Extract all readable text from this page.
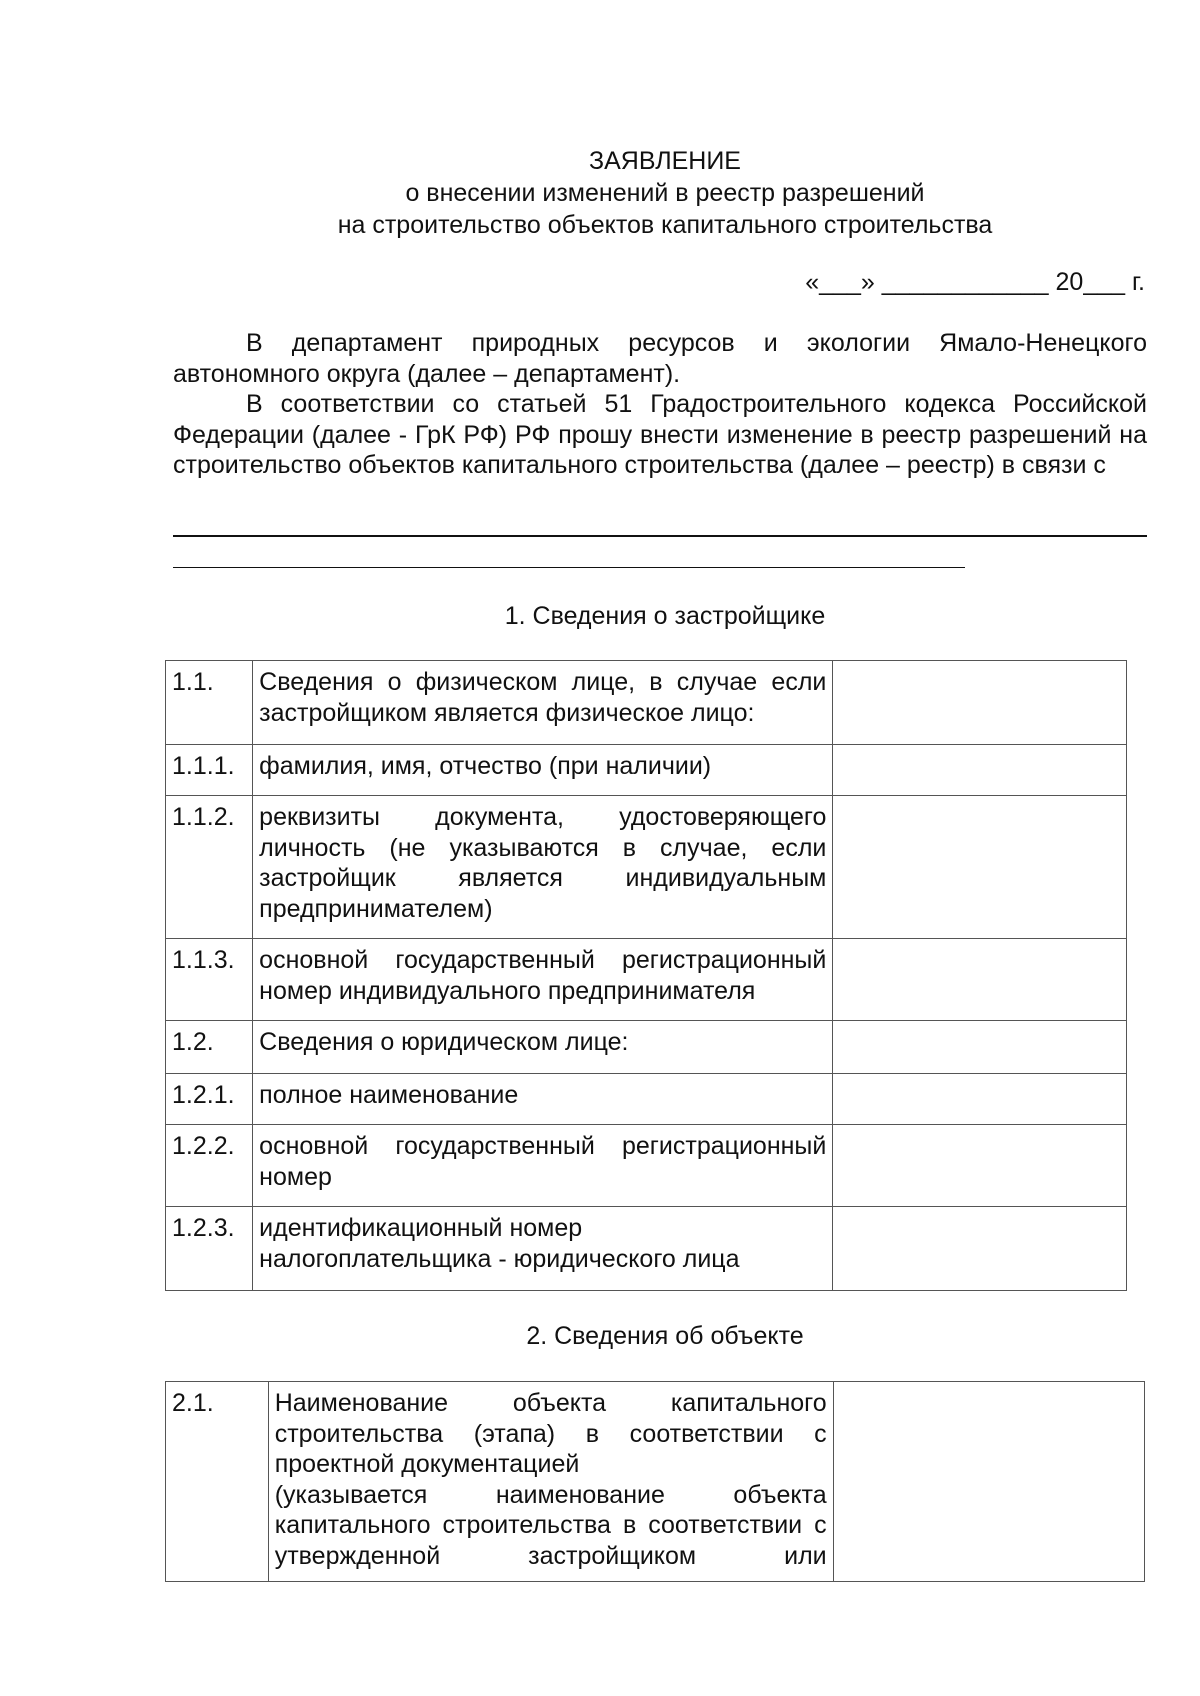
ЗАЯВЛЕНИЕ
о внесении изменений в реестр разрешений
на строительство объектов капитального строительства
«___» ____________ 20___ г.

В департамент природных ресурсов и экологии Ямало-Ненецкого автономного округа (далее – департамент).

В соответствии со статьей 51 Градостроительного кодекса Российской Федерации (далее - ГрК РФ) РФ прошу внести изменение в реестр разрешений на строительство объектов капитального строительства (далее – реестр) в связи с

1. Сведения о застройщике
1.1.	Сведения о физическом лице, в случае если застройщиком является физическое лицо:	
1.1.1.	фамилия, имя, отчество (при наличии)	
1.1.2.	реквизиты документа, удостоверяющего личность (не указываются в случае, если застройщик является индивидуальным предпринимателем)	
1.1.3.	основной государственный регистрационный номер индивидуального предпринимателя	
1.2.	Сведения о юридическом лице:	
1.2.1.	полное наименование	
1.2.2.	основной государственный регистрационный номер	
1.2.3.	идентификационный номер
налогоплательщика - юридического лица	

2. Сведения об объекте
2.1.	Наименование объекта капитального строительства (этапа) в соответствии с
проектной документацией
(указывается наименование объекта капитального строительства в соответствии с утвержденной застройщиком или
